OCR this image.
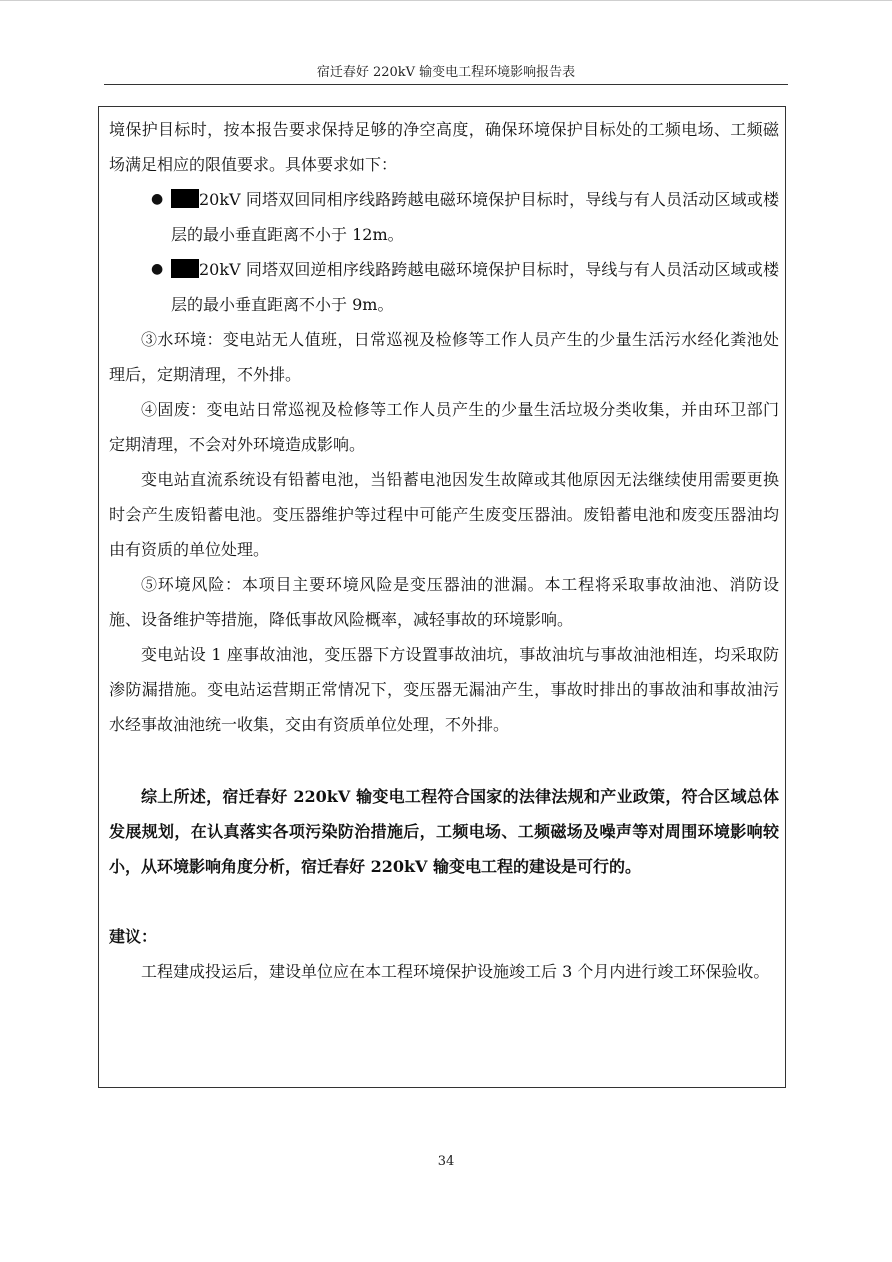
宿迁春好 220kV 输变电工程环境影响报告表

境保护目标时，按本报告要求保持足够的净空高度，确保环境保护目标处的工频电场、工频磁场满足相应的限值要求。具体要求如下：

● 20kV 同塔双回同相序线路跨越电磁环境保护目标时，导线与有人员活动区域或楼层的最小垂直距离不小于 12m。

● 20kV 同塔双回逆相序线路跨越电磁环境保护目标时，导线与有人员活动区域或楼层的最小垂直距离不小于 9m。

③水环境：变电站无人值班，日常巡视及检修等工作人员产生的少量生活污水经化粪池处理后，定期清理，不外排。

④固废：变电站日常巡视及检修等工作人员产生的少量生活垃圾分类收集，并由环卫部门定期清理，不会对外环境造成影响。

变电站直流系统设有铅蓄电池，当铅蓄电池因发生故障或其他原因无法继续使用需要更换时会产生废铅蓄电池。变压器维护等过程中可能产生废变压器油。废铅蓄电池和废变压器油均由有资质的单位处理。

⑤环境风险：本项目主要环境风险是变压器油的泄漏。本工程将采取事故油池、消防设施、设备维护等措施，降低事故风险概率，减轻事故的环境影响。

变电站设 1 座事故油池，变压器下方设置事故油坑，事故油坑与事故油池相连，均采取防渗防漏措施。变电站运营期正常情况下，变压器无漏油产生，事故时排出的事故油和事故油污水经事故油池统一收集，交由有资质单位处理，不外排。

综上所述，宿迁春好 220kV 输变电工程符合国家的法律法规和产业政策，符合区域总体发展规划，在认真落实各项污染防治措施后，工频电场、工频磁场及噪声等对周围环境影响较小，从环境影响角度分析，宿迁春好 220kV 输变电工程的建设是可行的。

建议：

工程建成投运后，建设单位应在本工程环境保护设施竣工后 3 个月内进行竣工环保验收。

34
